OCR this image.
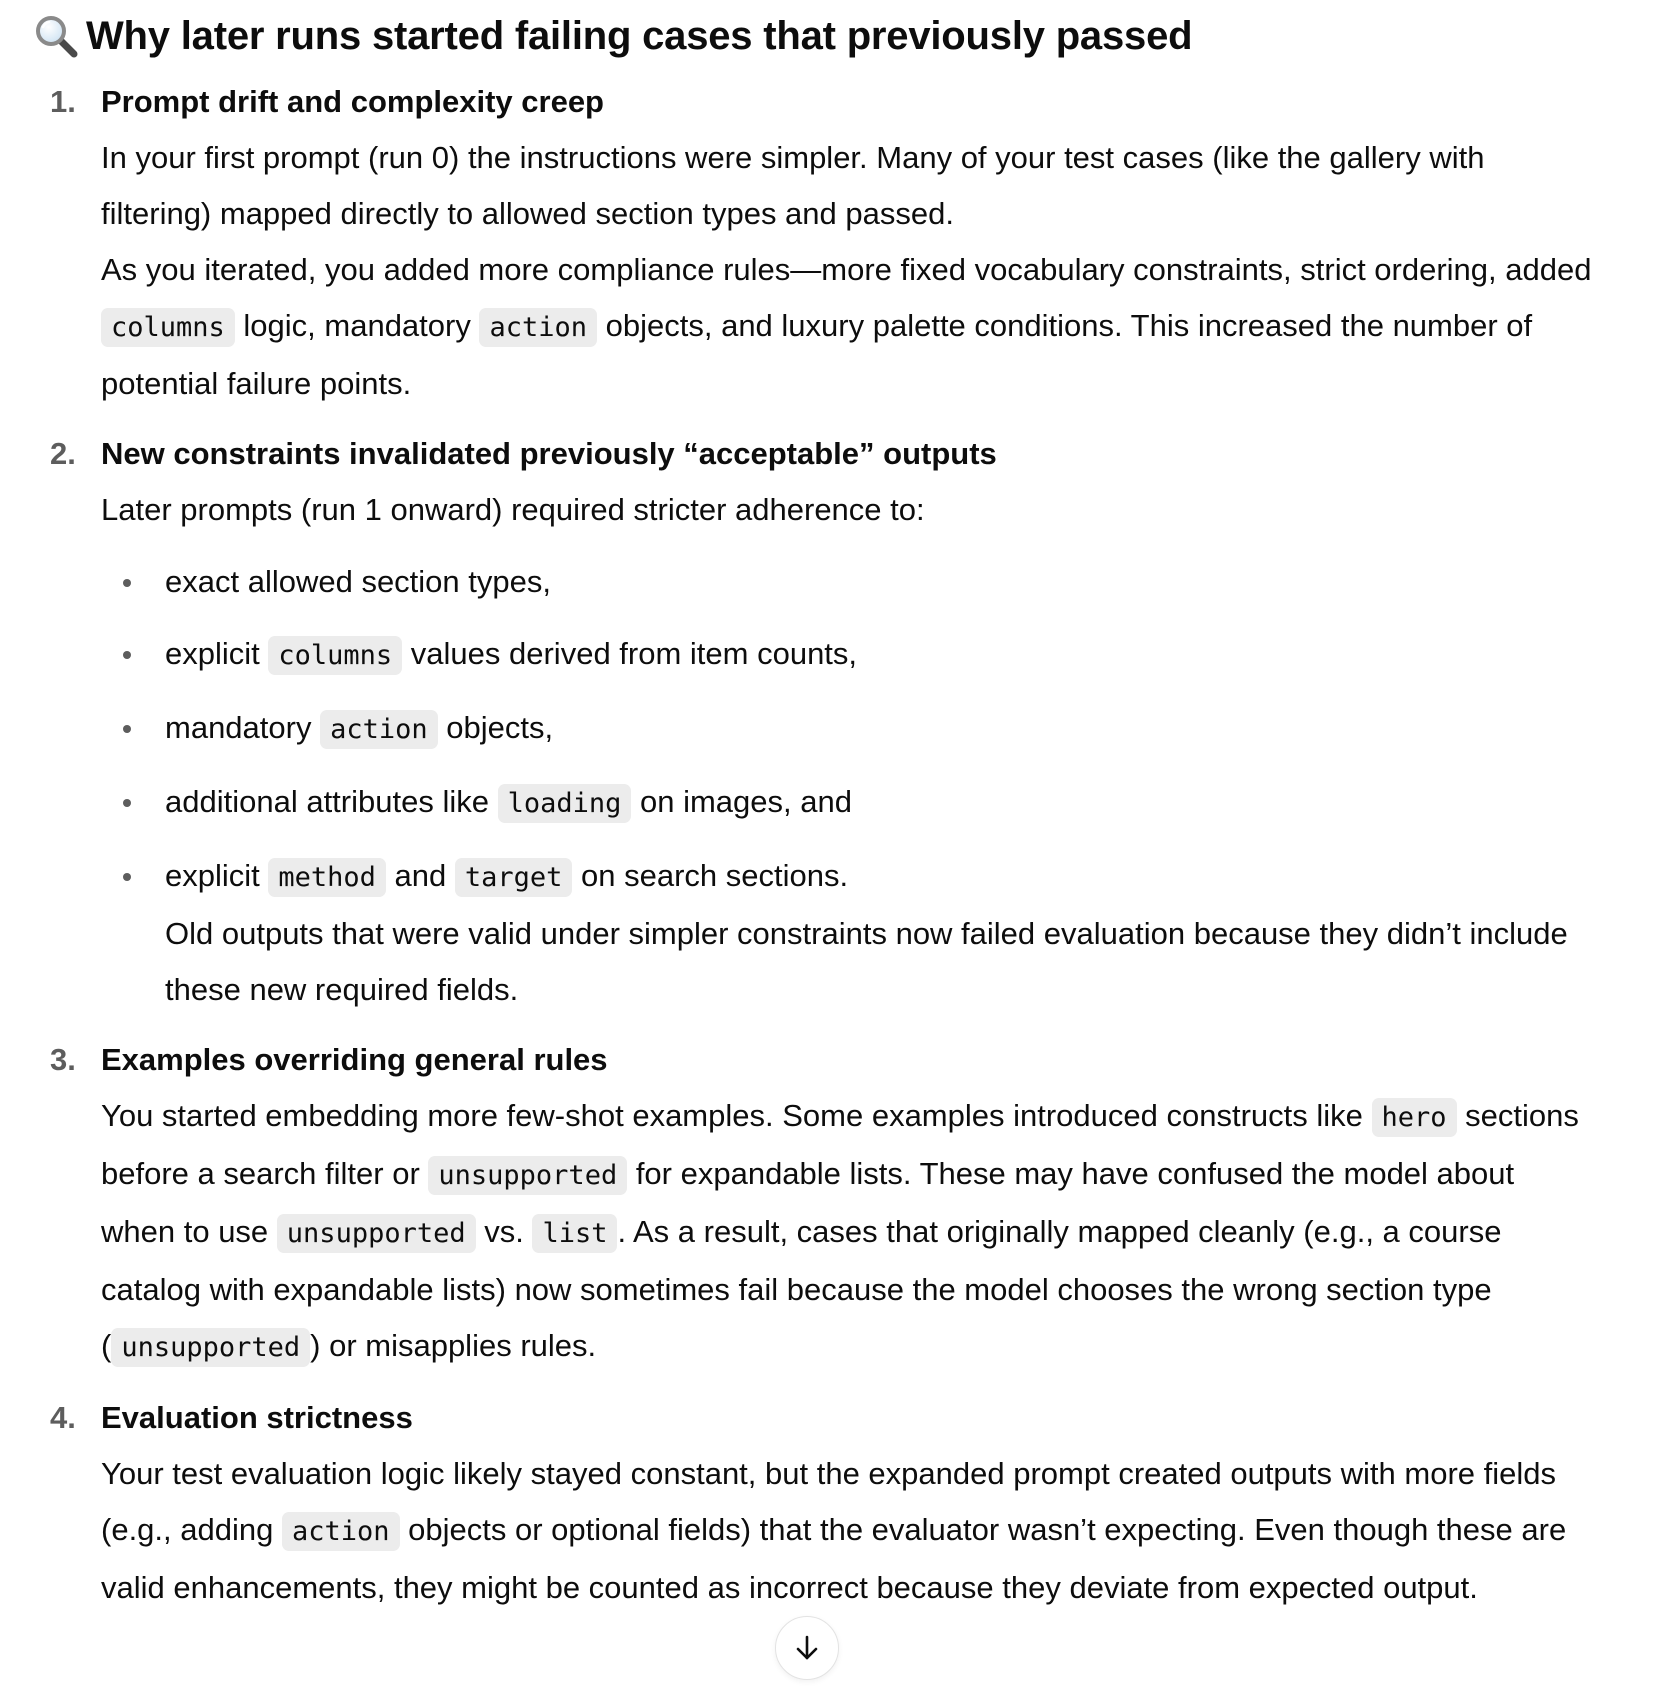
Why later runs started failing cases that previously passed
1. Prompt drift and complexity creep

In your first prompt (run 0) the instructions were simpler. Many of your test cases (like the gallery with filtering) mapped directly to allowed section types and passed.

As you iterated, you added more compliance rules—more fixed vocabulary constraints, strict ordering, added columns logic, mandatory action objects, and luxury palette conditions. This increased the number of potential failure points.

2. New constraints invalidated previously “acceptable” outputs

Later prompts (run 1 onward) required stricter adherence to:

exact allowed section types,
explicit columns values derived from item counts,
mandatory action objects,
additional attributes like loading on images, and
explicit method and target on search sections.
Old outputs that were valid under simpler constraints now failed evaluation because they didn’t include these new required fields.
3. Examples overriding general rules

You started embedding more few-shot examples. Some examples introduced constructs like hero sections before a search filter or unsupported for expandable lists. These may have confused the model about when to use unsupported vs. list . As a result, cases that originally mapped cleanly (e.g., a course catalog with expandable lists) now sometimes fail because the model chooses the wrong section type ( unsupported ) or misapplies rules.

4. Evaluation strictness

Your test evaluation logic likely stayed constant, but the expanded prompt created outputs with more fields (e.g., adding action objects or optional fields) that the evaluator wasn’t expecting. Even though these are valid enhancements, they might be counted as incorrect because they deviate from expected output.
